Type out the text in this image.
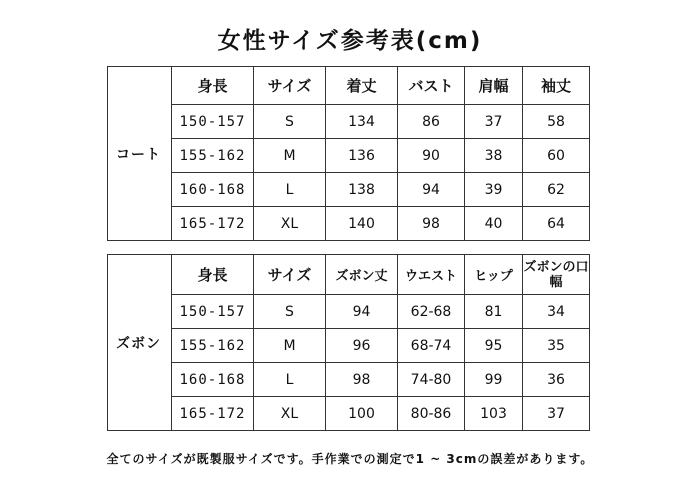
女性サイズ参考表(cm)
コート	身長	サイズ	着丈	バスト	肩幅	袖丈
	150-157	S	134	86	37	58
	155-162	M	136	90	38	60
	160-168	L	138	94	39	62
	165-172	XL	140	98	40	64
ズボン	身長	サイズ	ズボン丈	ウエスト	ヒップ	ズボンの口幅
	150-157	S	94	62-68	81	34
	155-162	M	96	68-74	95	35
	160-168	L	98	74-80	99	36
	165-172	XL	100	80-86	103	37
全てのサイズが既製服サイズです。手作業での測定で1 ~ 3cmの誤差があります。
